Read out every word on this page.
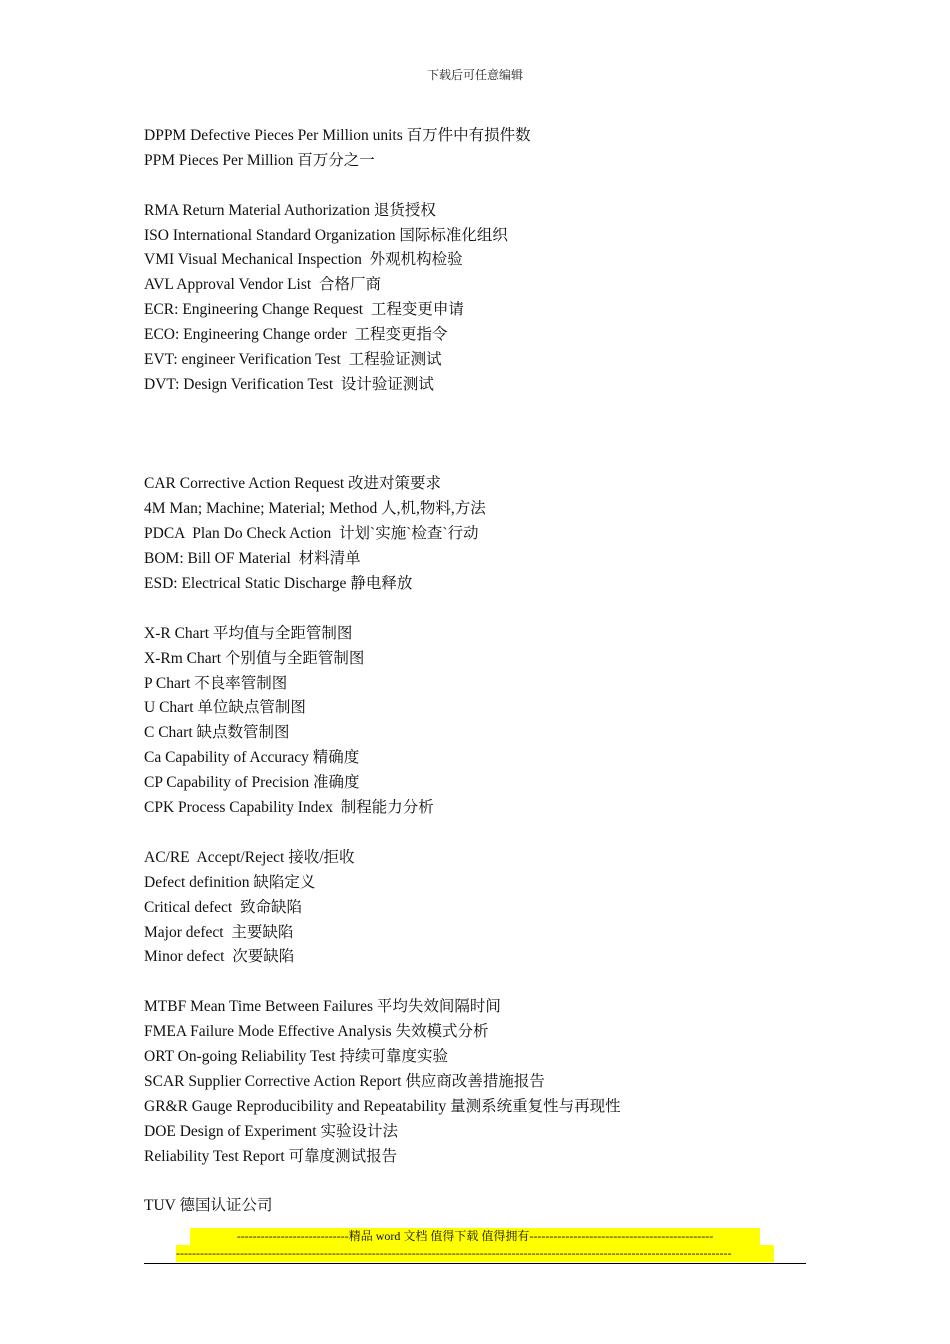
下载后可任意编辑
DPPM Defective Pieces Per Million units 百万件中有损件数
PPM Pieces Per Million 百万分之一
RMA Return Material Authorization 退货授权
ISO International Standard Organization 国际标准化组织
VMI Visual Mechanical Inspection  外观机构检验
AVL Approval Vendor List  合格厂商
ECR: Engineering Change Request  工程变更申请
ECO: Engineering Change order  工程变更指令
EVT: engineer Verification Test  工程验证测试
DVT: Design Verification Test  设计验证测试
CAR Corrective Action Request 改进对策要求
4M Man; Machine; Material; Method 人,机,物料,方法
PDCA  Plan Do Check Action  计划`实施`检查`行动
BOM: Bill OF Material  材料清单
ESD: Electrical Static Discharge 静电释放
X-R Chart 平均值与全距管制图
X-Rm Chart 个别值与全距管制图
P Chart 不良率管制图
U Chart 单位缺点管制图
C Chart 缺点数管制图
Ca Capability of Accuracy 精确度
CP Capability of Precision 准确度
CPK Process Capability Index  制程能力分析
AC/RE  Accept/Reject 接收/拒收
Defect definition 缺陷定义
Critical defect  致命缺陷
Major defect  主要缺陷
Minor defect  次要缺陷
MTBF Mean Time Between Failures 平均失效间隔时间
FMEA Failure Mode Effective Analysis 失效模式分析
ORT On-going Reliability Test 持续可靠度实验
SCAR Supplier Corrective Action Report 供应商改善措施报告
GR&R Gauge Reproducibility and Repeatability 量测系统重复性与再现性
DOE Design of Experiment 实验设计法
Reliability Test Report 可靠度测试报告
TUV 德国认证公司
----------------------------精品 word 文档 值得下载 值得拥有----------------------------------------------
-------------------------------------------------------------------------------------------------------------------------------------------
